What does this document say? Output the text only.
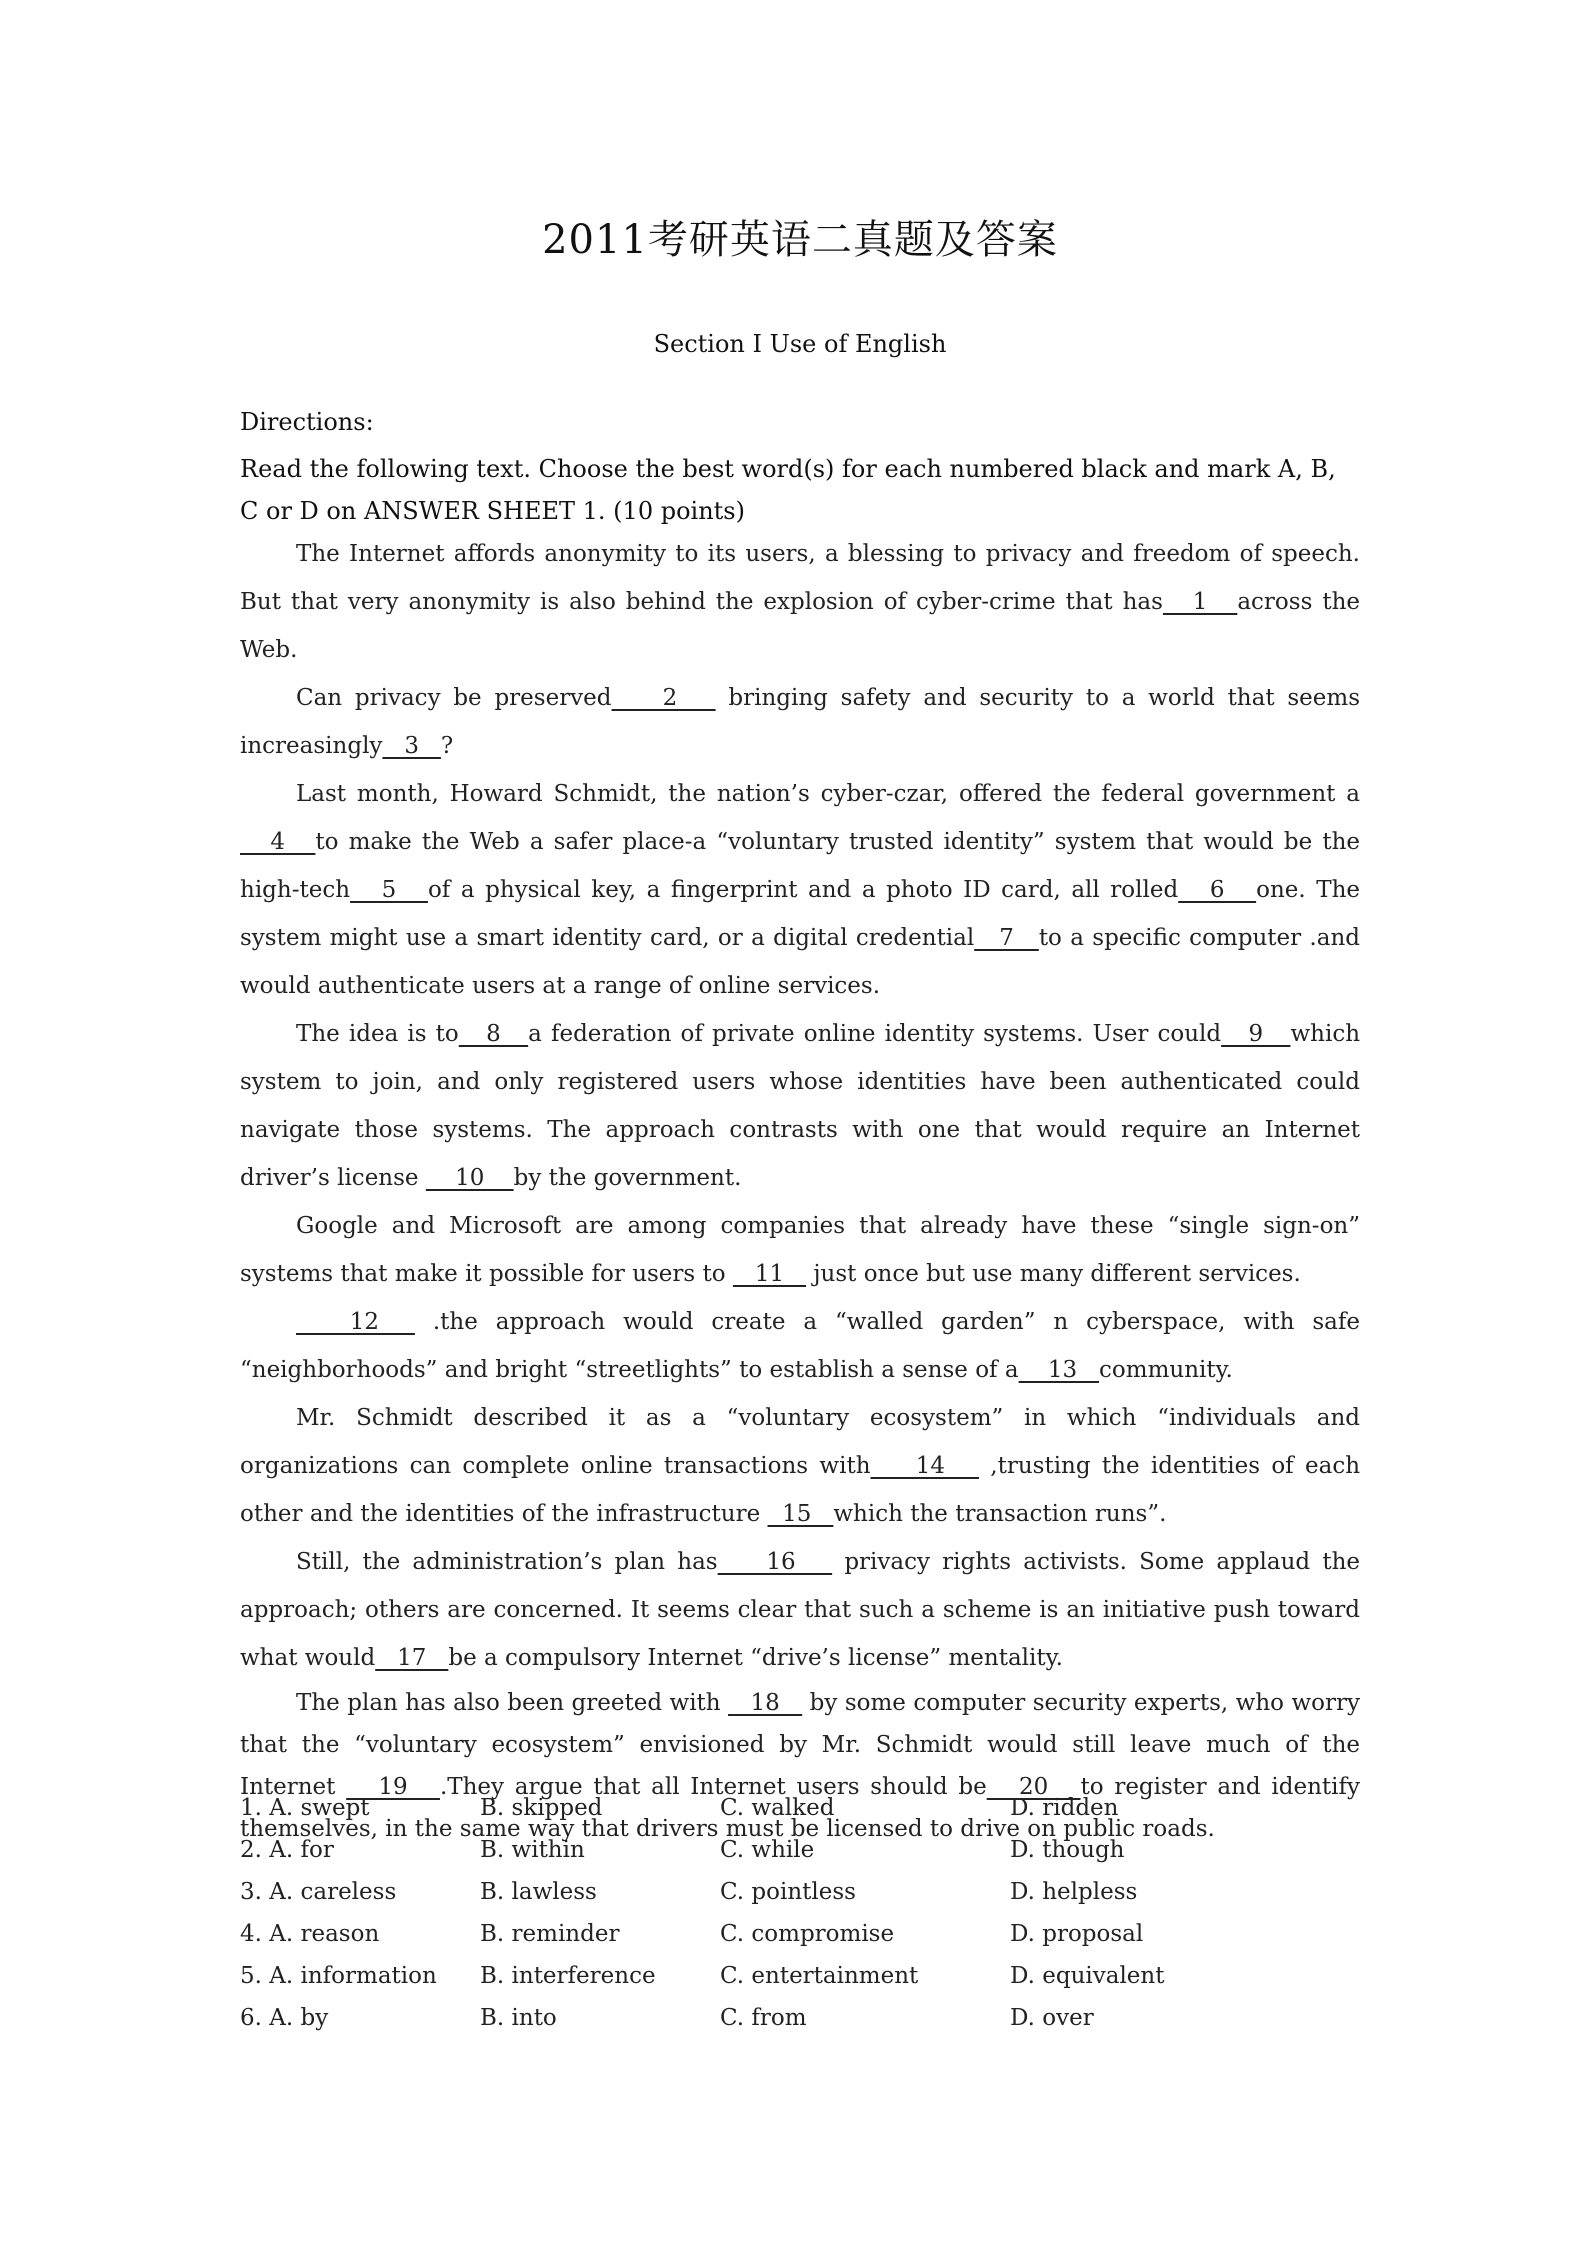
2011考研英语二真题及答案
Section I Use of English
Directions:
Read the following text. Choose the best word(s) for each numbered black and mark A, B, C or D on ANSWER SHEET 1. (10 points)

The Internet affords anonymity to its users, a blessing to privacy and freedom of speech. But that very anonymity is also behind the explosion of cyber-crime that has   1   across the Web.

Can privacy be preserved    2    bringing safety and security to a world that seems increasingly   3   ?

Last month, Howard Schmidt, the nation’s cyber-czar, offered the federal government a   4   to make the Web a safer place-a “voluntary trusted identity” system that would be the high-tech   5   of a physical key, a fingerprint and a photo ID card, all rolled   6   one. The system might use a smart identity card, or a digital credential   7   to a specific computer .and would authenticate users at a range of online services.

The idea is to   8   a federation of private online identity systems. User could   9   which system to join, and only registered users whose identities have been authenticated could navigate those systems. The approach contrasts with one that would require an Internet driver’s license     10    by the government.

Google and Microsoft are among companies that already have these “single sign-on” systems that make it possible for users to    11    just once but use many different services.

12   .the approach would create a “walled garden” n cyberspace, with safe “neighborhoods” and bright “streetlights” to establish a sense of a    13   community.

Mr. Schmidt described it as a “voluntary ecosystem” in which “individuals and organizations can complete online transactions with    14    ,trusting the identities of each other and the identities of the infrastructure   15   which the transaction runs”.

Still, the administration’s plan has    16    privacy rights activists. Some applaud the approach; others are concerned. It seems clear that such a scheme is an initiative push toward what would   17   be a compulsory Internet “drive’s license” mentality.

The plan has also been greeted with    18    by some computer security experts, who worry that the “voluntary ecosystem” envisioned by Mr. Schmidt would still leave much of the Internet    19   .They argue that all Internet users should be   20   to register and identify themselves, in the same way that drivers must be licensed to drive on public roads.

1. A. swept	B. skipped	C. walked	D. ridden
2. A. for	B. within	C. while	D. though
3. A. careless	B. lawless	C. pointless	D. helpless
4. A. reason	B. reminder	C. compromise	D. proposal
5. A. information	B. interference	C. entertainment	D. equivalent
6. A. by	B. into	C. from	D. over
